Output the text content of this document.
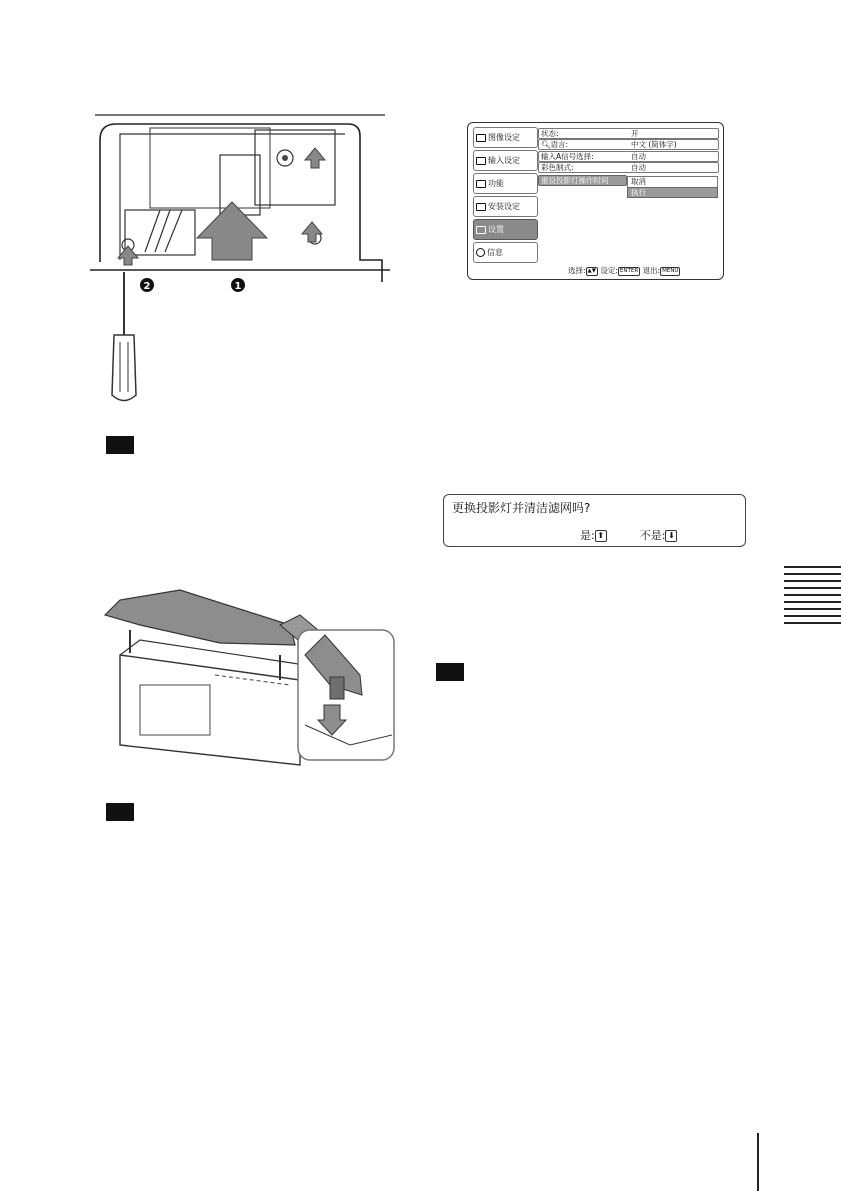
2	1
图像设定
输入设定
功能
安装设定
设置
信息
状态:	开
🔍︎语言:	中文 (简体字)
输入A信号选择:	自动
彩色制式:	自动
重设投影灯操作时间	取消
执行
选择: ▲▼ 设定: ENTER 退出: MENU
更换投影灯并清洁滤网吗?
是: ⬆	不是: ⬇
